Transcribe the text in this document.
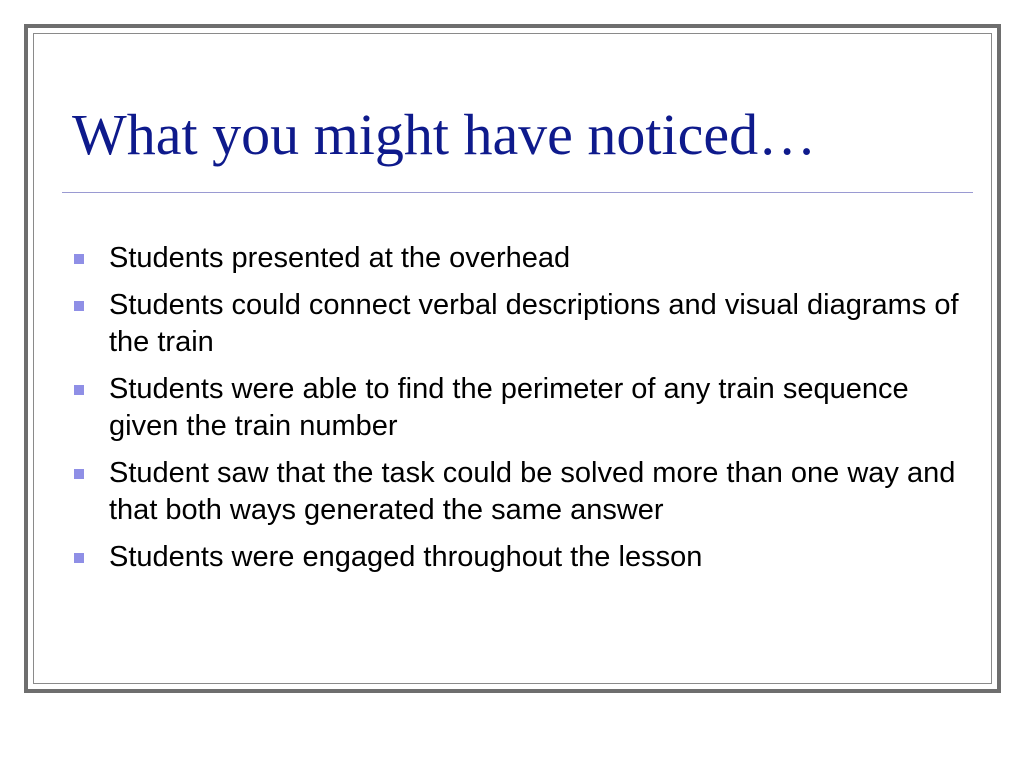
What you might have noticed…
Students presented at the overhead
Students could connect verbal descriptions and visual diagrams of the train
Students were able to find the perimeter of any train sequence given the train number
Student saw that the task could be solved more than one way and that both ways generated the same answer
Students were engaged throughout the lesson
